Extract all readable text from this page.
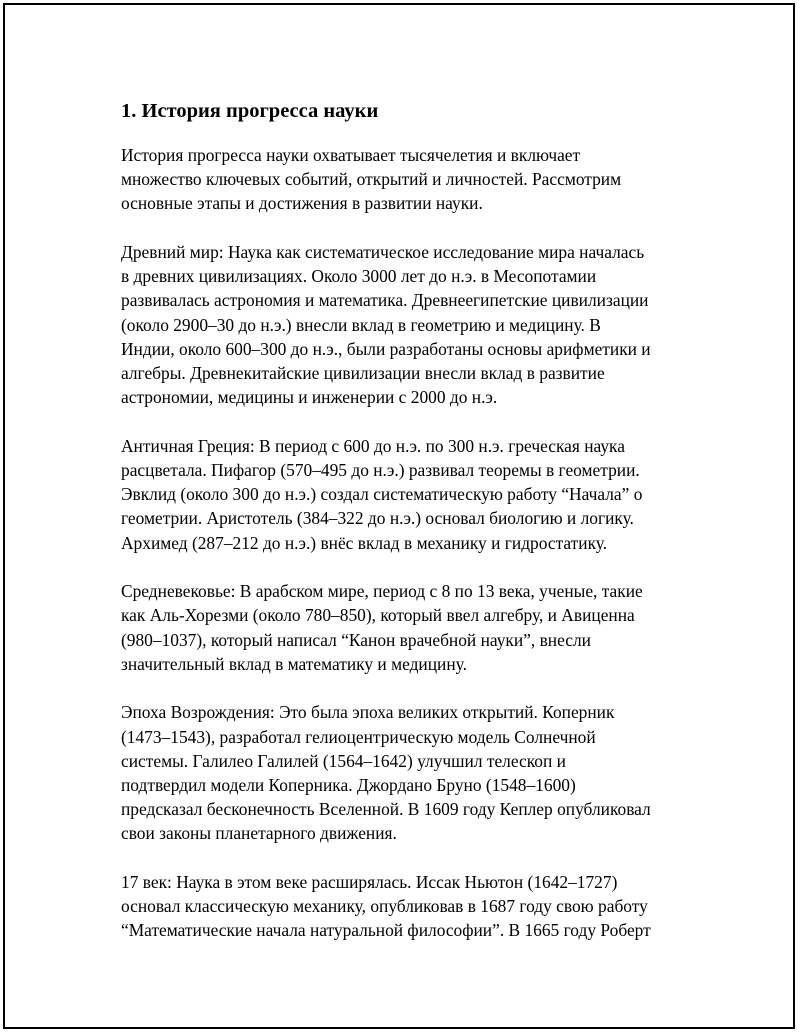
1. История прогресса науки

История прогресса науки охватывает тысячелетия и включает
множество ключевых событий, открытий и личностей. Рассмотрим
основные этапы и достижения в развитии науки.

Древний мир: Наука как систематическое исследование мира началась
в древних цивилизациях. Около 3000 лет до н.э. в Месопотамии
развивалась астрономия и математика. Древнеегипетские цивилизации
(около 2900–30 до н.э.) внесли вклад в геометрию и медицину. В
Индии, около 600–300 до н.э., были разработаны основы арифметики и
алгебры. Древнекитайские цивилизации внесли вклад в развитие
астрономии, медицины и инженерии с 2000 до н.э.

Античная Греция: В период с 600 до н.э. по 300 н.э. греческая наука
расцветала. Пифагор (570–495 до н.э.) развивал теоремы в геометрии.
Эвклид (около 300 до н.э.) создал систематическую работу “Начала” о
геометрии. Аристотель (384–322 до н.э.) основал биологию и логику.
Архимед (287–212 до н.э.) внёс вклад в механику и гидростатику.

Средневековье: В арабском мире, период с 8 по 13 века, ученые, такие
как Аль-Хорезми (около 780–850), который ввел алгебру, и Авиценна
(980–1037), который написал “Канон врачебной науки”, внесли
значительный вклад в математику и медицину.

Эпоха Возрождения: Это была эпоха великих открытий. Коперник
(1473–1543), разработал гелиоцентрическую модель Солнечной
системы. Галилео Галилей (1564–1642) улучшил телескоп и
подтвердил модели Коперника. Джордано Бруно (1548–1600)
предсказал бесконечность Вселенной. В 1609 году Кеплер опубликовал
свои законы планетарного движения.

17 век: Наука в этом веке расширялась. Иссак Ньютон (1642–1727)
основал классическую механику, опубликовав в 1687 году свою работу
“Математические начала натуральной философии”. В 1665 году Роберт
